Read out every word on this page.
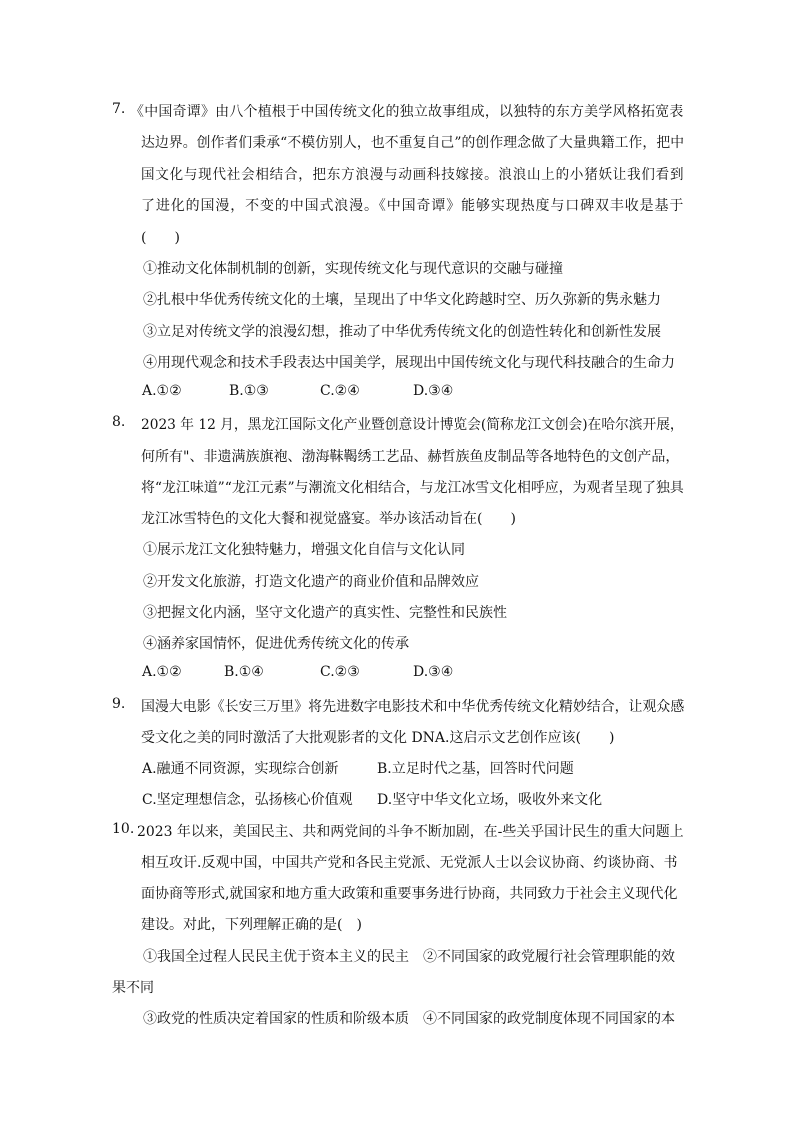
7. 《中国奇谭》由八个植根于中国传统文化的独立故事组成，以独特的东方美学风格拓宽表
达边界。创作者们秉承“不模仿别人，也不重复自己”的创作理念做了大量典籍工作，把中
国文化与现代社会相结合，把东方浪漫与动画科技嫁接。浪浪山上的小猪妖让我们看到
了进化的国漫，不变的中国式浪漫。《中国奇谭》能够实现热度与口碑双丰收是基于
(　　)
①推动文化体制机制的创新，实现传统文化与现代意识的交融与碰撞
②扎根中华优秀传统文化的土壤，呈现出了中华文化跨越时空、历久弥新的隽永魅力
③立足对传统文学的浪漫幻想，推动了中华优秀传统文化的创造性转化和创新性发展
④用现代观念和技术手段表达中国美学，展现出中国传统文化与现代科技融合的生命力
A.①②	B.①③	C.②④	D.③④
8. 2023 年 12 月，黑龙江国际文化产业暨创意设计博览会(简称龙江文创会)在哈尔滨开展，
何所有"、非遗满族旗袍、渤海靺鞨绣工艺品、赫哲族鱼皮制品等各地特色的文创产品，
将“龙江味道”“龙江元素”与潮流文化相结合，与龙江冰雪文化相呼应，为观者呈现了独具
龙江冰雪特色的文化大餐和视觉盛宴。举办该活动旨在(　　)
①展示龙江文化独特魅力，增强文化自信与文化认同
②开发文化旅游，打造文化遗产的商业价值和品牌效应
③把握文化内涵，坚守文化遗产的真实性、完整性和民族性
④涵养家国情怀，促进优秀传统文化的传承
A.①②	B.①④	C.②③	D.③④
9. 国漫大电影《长安三万里》将先进数字电影技术和中华优秀传统文化精妙结合，让观众感
受文化之美的同时激活了大批观影者的文化 DNA.这启示文艺创作应该(　　)
A.融通不同资源，实现综合创新	B.立足时代之基，回答时代问题
C.坚定理想信念，弘扬核心价值观 D.坚守中华文化立场，吸收外来文化
10. 2023 年以来，美国民主、共和两党间的斗争不断加剧，在-些关乎国计民生的重大问题上
相互攻讦.反观中国，中国共产党和各民主党派、无党派人士以会议协商、约谈协商、书
面协商等形式,就国家和地方重大政策和重要事务进行协商，共同致力于社会主义现代化
建设。对此，下列理解正确的是(　)
①我国全过程人民民主优于资本主义的民主　②不同国家的政党履行社会管理职能的效
果不同
③政党的性质决定着国家的性质和阶级本质　④不同国家的政党制度体现不同国家的本
